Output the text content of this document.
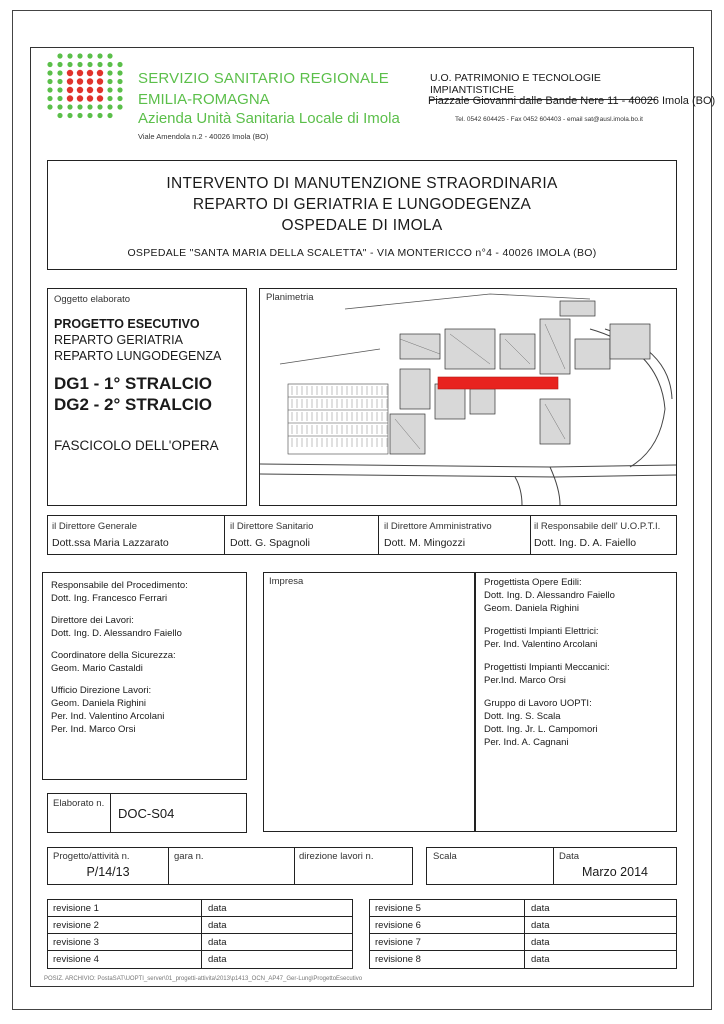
SERVIZIO SANITARIO REGIONALE
EMILIA-ROMAGNA
Azienda Unità Sanitaria Locale di Imola
Viale Amendola n.2 - 40026 Imola (BO)
U.O. PATRIMONIO E TECNOLOGIE IMPIANTISTICHE
Piazzale Giovanni dalle Bande Nere 11 - 40026 Imola (BO)
Tel. 0542 604425 - Fax 0452 604403 - email sat@ausl.imola.bo.it
INTERVENTO DI MANUTENZIONE STRAORDINARIA
REPARTO DI GERIATRIA E LUNGODEGENZA
OSPEDALE DI IMOLA
OSPEDALE "SANTA MARIA DELLA SCALETTA" - VIA MONTERICCO n°4 - 40026 IMOLA (BO)
Oggetto elaborato
PROGETTO ESECUTIVO
REPARTO GERIATRIA
REPARTO LUNGODEGENZA
DG1 - 1° STRALCIO
DG2 - 2° STRALCIO
FASCICOLO DELL'OPERA
Planimetria
il Direttore Generale
Dott.ssa Maria Lazzarato
il Direttore Sanitario
Dott. G. Spagnoli
il Direttore Amministrativo
Dott. M. Mingozzi
il Responsabile dell' U.O.P.T.I.
Dott. Ing. D. A. Faiello
Responsabile del Procedimento:
Dott. Ing. Francesco Ferrari
Direttore dei Lavori:
Dott. Ing. D. Alessandro Faiello
Coordinatore della Sicurezza:
Geom. Mario Castaldi
Ufficio Direzione Lavori:
Geom. Daniela Righini
Per. Ind. Valentino Arcolani
Per. Ind. Marco Orsi
Impresa	Progettista Opere Edili:
Dott. Ing. D. Alessandro Faiello
Geom. Daniela Righini
Progettisti Impianti Elettrici:
Per. Ind. Valentino Arcolani
Progettisti Impianti Meccanici:
Per.Ind. Marco Orsi
Gruppo di Lavoro UOPTI:
Dott. Ing. S. Scala
Dott. Ing. Jr. L. Campomori
Per. Ind. A. Cagnani
Elaborato n.
DOC-S04
Progetto/attività n.
P/14/13
gara n.	direzione lavori n.	Scala	Data
Marzo 2014
revisione 1	data
revisione 2	data
revisione 3	data
revisione 4	data
revisione 5	data
revisione 6	data
revisione 7	data
revisione 8	data
POSIZ. ARCHIVIO: PostaSAT\UOPTI_server\01_progetti-attivita\2013\p1413_OCN_AP47_Ger-Lung\ProgettoEsecutivo
